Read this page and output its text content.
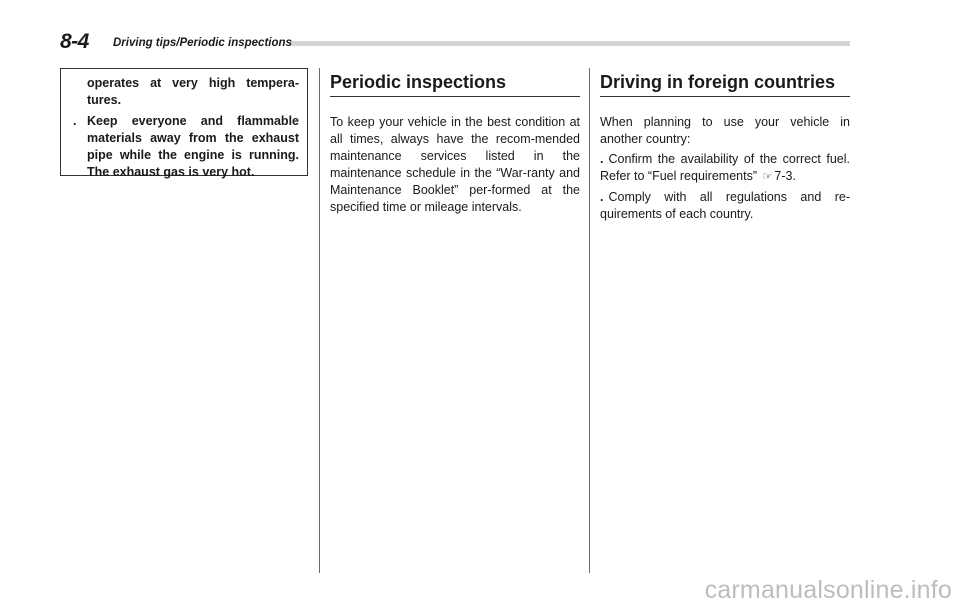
8-4 Driving tips/Periodic inspections
operates at very high tempera-tures.
. Keep everyone and flammable materials away from the exhaust pipe while the engine is running. The exhaust gas is very hot.
Periodic inspections

To keep your vehicle in the best condition at all times, always have the recom-mended maintenance services listed in the maintenance schedule in the “War-ranty and Maintenance Booklet” per-formed at the specified time or mileage intervals.

Driving in foreign countries

When planning to use your vehicle in another country:

. Confirm the availability of the correct fuel. Refer to “Fuel requirements” ☞ 7-3.

. Comply with all regulations and re-quirements of each country.

carmanualsonline.info
